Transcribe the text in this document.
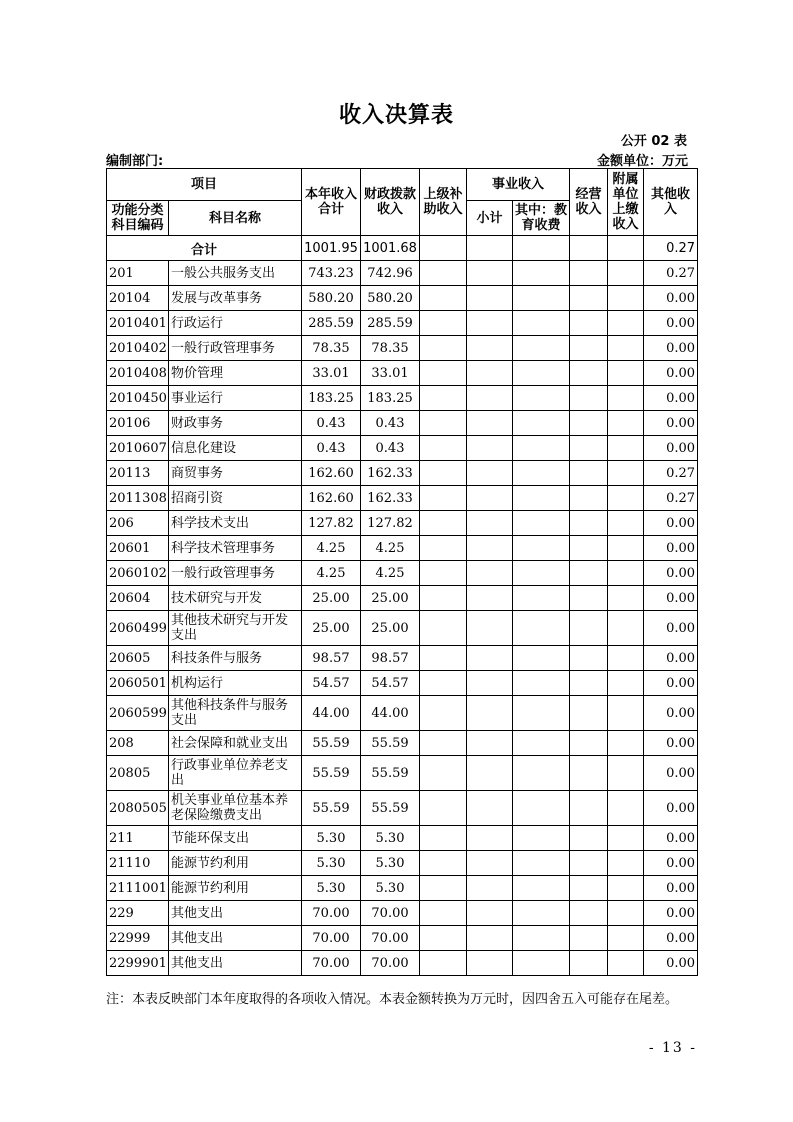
收入决算表
公开 02 表
编制部门:	金额单位：万元
项目		本年收入合计	财政拨款收入	上级补助收入	事业收入		经营收入	附属单位上缴收入	其他收入
功能分类科目编码	科目名称				小计	其中：教育收费			
合计		1001.95	1001.68						0.27
201	一般公共服务支出	743.23	742.96						0.27
20104	发展与改革事务	580.20	580.20						0.00
2010401	行政运行	285.59	285.59						0.00
2010402	一般行政管理事务	78.35	78.35						0.00
2010408	物价管理	33.01	33.01						0.00
2010450	事业运行	183.25	183.25						0.00
20106	财政事务	0.43	0.43						0.00
2010607	信息化建设	0.43	0.43						0.00
20113	商贸事务	162.60	162.33						0.27
2011308	招商引资	162.60	162.33						0.27
206	科学技术支出	127.82	127.82						0.00
20601	科学技术管理事务	4.25	4.25						0.00
2060102	一般行政管理事务	4.25	4.25						0.00
20604	技术研究与开发	25.00	25.00						0.00
2060499	其他技术研究与开发支出	25.00	25.00						0.00
20605	科技条件与服务	98.57	98.57						0.00
2060501	机构运行	54.57	54.57						0.00
2060599	其他科技条件与服务支出	44.00	44.00						0.00
208	社会保障和就业支出	55.59	55.59						0.00
20805	行政事业单位养老支出	55.59	55.59						0.00
2080505	机关事业单位基本养老保险缴费支出	55.59	55.59						0.00
211	节能环保支出	5.30	5.30						0.00
21110	能源节约利用	5.30	5.30						0.00
2111001	能源节约利用	5.30	5.30						0.00
229	其他支出	70.00	70.00						0.00
22999	其他支出	70.00	70.00						0.00
2299901	其他支出	70.00	70.00						0.00
注：本表反映部门本年度取得的各项收入情况。本表金额转换为万元时，因四舍五入可能存在尾差。
- 13 -
